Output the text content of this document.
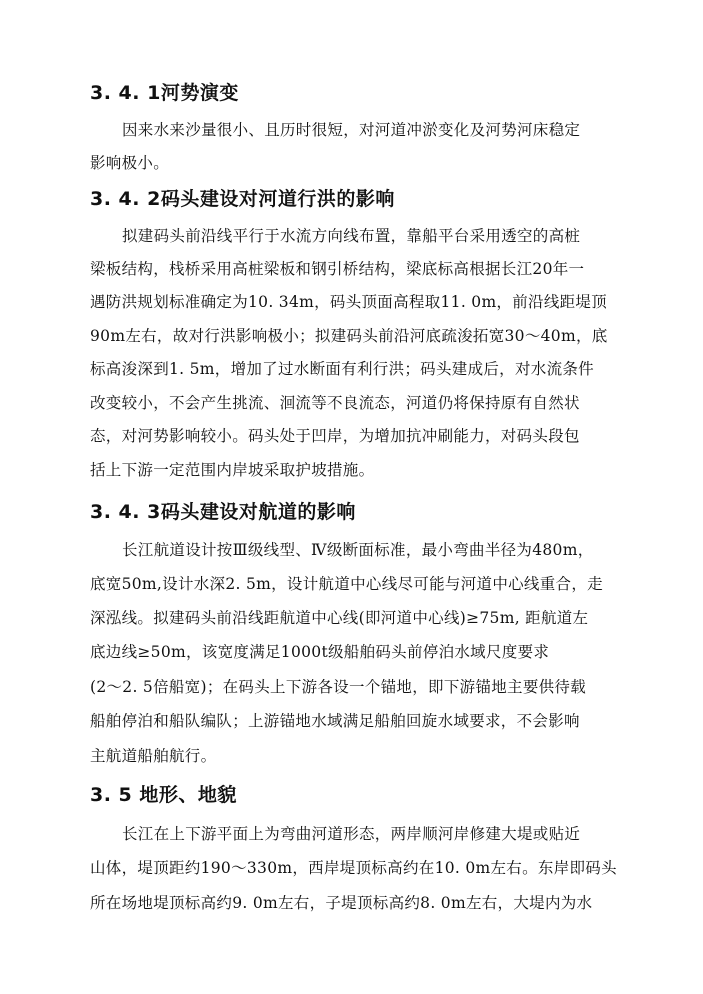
3. 4. 1河势演变
因来水来沙量很小、且历时很短，对河道冲淤变化及河势河床稳定
影响极小。
3. 4. 2码头建设对河道行洪的影响
拟建码头前沿线平行于水流方向线布置，靠船平台采用透空的高桩
梁板结构，栈桥采用高桩梁板和钢引桥结构，梁底标高根据长江20年一
遇防洪规划标准确定为10. 34m，码头顶面高程取11. 0m，前沿线距堤顶
90m左右，故对行洪影响极小；拟建码头前沿河底疏浚拓宽30～40m，底
标高浚深到1. 5m，增加了过水断面有利行洪；码头建成后，对水流条件
改变较小，不会产生挑流、洄流等不良流态，河道仍将保持原有自然状
态，对河势影响较小。码头处于凹岸，为增加抗冲刷能力，对码头段包
括上下游一定范围内岸坡采取护坡措施。
3. 4. 3码头建设对航道的影响
长江航道设计按Ⅲ级线型、Ⅳ级断面标准，最小弯曲半径为480m，
底宽50m,设计水深2. 5m，设计航道中心线尽可能与河道中心线重合，走
深泓线。拟建码头前沿线距航道中心线(即河道中心线)≥75m, 距航道左
底边线≥50m，该宽度满足1000t级船舶码头前停泊水域尺度要求
(2～2. 5倍船宽)；在码头上下游各设一个锚地，即下游锚地主要供待载
船舶停泊和船队编队；上游锚地水域满足船舶回旋水域要求，不会影响
主航道船舶航行。
3. 5 地形、地貌
长江在上下游平面上为弯曲河道形态，两岸顺河岸修建大堤或贴近
山体，堤顶距约190～330m，西岸堤顶标高约在10. 0m左右。东岸即码头
所在场地堤顶标高约9. 0m左右，子堤顶标高约8. 0m左右，大堤内为水
